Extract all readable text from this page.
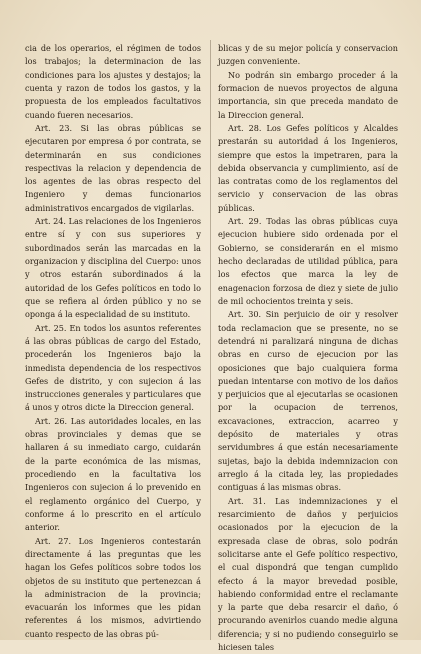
cia de los operarios, el régimen de todos los trabajos; la determinacion de las condiciones para los ajustes y destajos; la cuenta y razon de todos los gastos, y la propuesta de los empleados facultativos cuando fueren necesarios.

Art. 23. Si las obras públicas se ejecutaren por empresa ó por contrata, se determinarán en sus condiciones respectivas la relacion y dependencia de los agentes de las obras respecto del Ingeniero y demas funcionarios administrativos encargados de vigilarlas.

Art. 24. Las relaciones de los Ingenieros entre sí y con sus superiores y subordinados serán las marcadas en la organizacion y disciplina del Cuerpo: unos y otros estarán subordinados á la autoridad de los Gefes políticos en todo lo que se refiera al órden público y no se oponga á la especialidad de su instituto.

Art. 25. En todos los asuntos referentes á las obras públicas de cargo del Estado, procederán los Ingenieros bajo la inmedista dependencia de los respectivos Gefes de distrito, y con sujecion á las instrucciones generales y particulares que á unos y otros dicte la Direccion general.

Art. 26. Las autoridades locales, en las obras provinciales y demas que se hallaren á su inmediato cargo, cuidarán de la parte económica de las mismas, procediendo en la facultativa los Ingenieros con sujecion á lo prevenido en el reglamento orgánico del Cuerpo, y conforme á lo prescrito en el artículo anterior.

Art. 27. Los Ingenieros contestarán directamente á las preguntas que les hagan los Gefes políticos sobre todos los objetos de su instituto que pertenezcan á la administracion de la provincia; evacuarán los informes que les pidan referentes á los mismos, advirtiendo cuanto respecto de las obras pú-

blicas y de su mejor policía y conservacion juzgen conveniente.

No podrán sin embargo proceder á la formacion de nuevos proyectos de alguna importancia, sin que preceda mandato de la Direccion general.

Art. 28. Los Gefes políticos y Alcaldes prestarán su autoridad á los Ingenieros, siempre que estos la impetraren, para la debida observancia y cumplimiento, así de las contratas como de los reglamentos del servicio y conservacion de las obras públicas.

Art. 29. Todas las obras públicas cuya ejecucion hubiere sido ordenada por el Gobierno, se considerarán en el mismo hecho declaradas de utilidad pública, para los efectos que marca la ley de enagenacion forzosa de diez y siete de julio de mil ochocientos treinta y seis.

Art. 30. Sin perjuicio de oir y resolver toda reclamacion que se presente, no se detendrá ni paralizará ninguna de dichas obras en curso de ejecucion por las oposiciones que bajo cualquiera forma puedan intentarse con motivo de los daños y perjuicios que al ejecutarlas se ocasionen por la ocupacion de terrenos, excavaciones, extraccion, acarreo y depósito de materiales y otras servidumbres á que están necesariamente sujetas, bajo la debida indemnizacion con arreglo á la citada ley, las propiedades contiguas á las mismas obras.

Art. 31. Las indemnizaciones y el resarcimiento de daños y perjuicios ocasionados por la ejecucion de la expresada clase de obras, solo podrán solicitarse ante el Gefe político respectivo, el cual dispondrá que tengan cumplido efecto á la mayor brevedad posible, habiendo conformidad entre el reclamante y la parte que deba resarcir el daño, ó procurando avenirlos cuando medie alguna diferencia; y si no pudiendo conseguirlo se hiciesen tales
